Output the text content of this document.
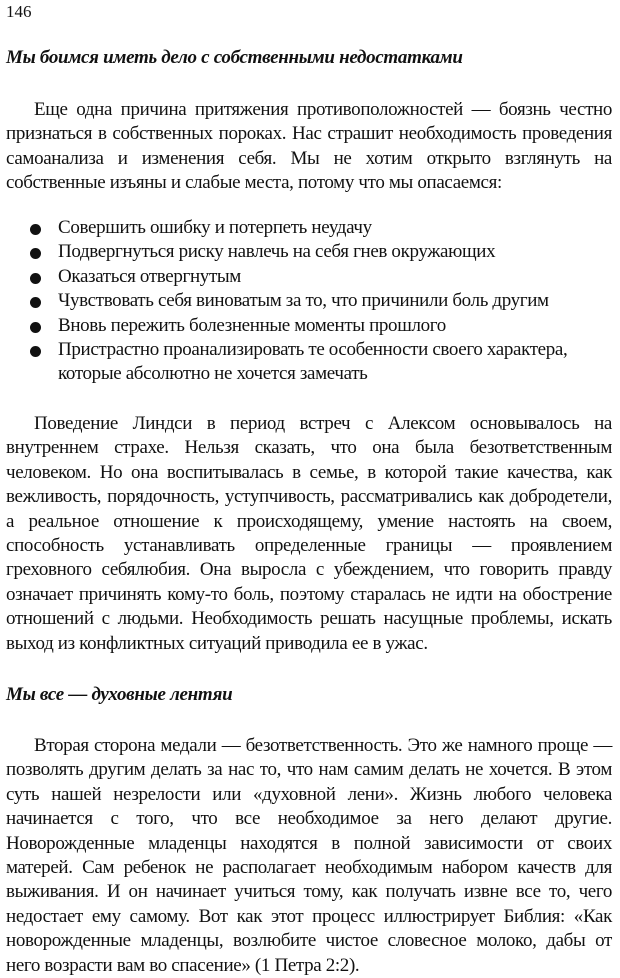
146
Мы боимся иметь дело с собственными недостатками

Еще одна причина притяжения противоположностей — боязнь честно признаться в собственных пороках. Нас страшит необходимость проведения самоанализа и изменения себя. Мы не хотим открыто взглянуть на собственные изъяны и слабые места, потому что мы опасаемся:

Совершить ошибку и потерпеть неудачу
Подвергнуться риску навлечь на себя гнев окружающих
Оказаться отвергнутым
Чувствовать себя виноватым за то, что причинили боль другим
Вновь пережить болезненные моменты прошлого
Пристрастно проанализировать те особенности своего характера, которые абсолютно не хочется замечать

Поведение Линдси в период встреч с Алексом основывалось на внутреннем страхе. Нельзя сказать, что она была безответственным человеком. Но она воспитывалась в семье, в которой такие качества, как вежливость, порядочность, уступчивость, рассматривались как добродетели, а реальное отношение к происходящему, умение настоять на своем, способность устанавливать определенные границы — проявлением греховного себялюбия. Она выросла с убеждением, что говорить правду означает причинять кому-то боль, поэтому старалась не идти на обострение отношений с людьми. Необходимость решать насущные проблемы, искать выход из конфликтных ситуаций приводила ее в ужас.

Мы все — духовные лентяи

Вторая сторона медали — безответственность. Это же намного проще — позволять другим делать за нас то, что нам самим делать не хочется. В этом суть нашей незрелости или «духовной лени». Жизнь любого человека начинается с того, что все необходимое за него делают другие. Новорожденные младенцы находятся в полной зависимости от своих матерей. Сам ребенок не располагает необходимым набором качеств для выживания. И он начинает учиться тому, как получать извне все то, чего недостает ему самому. Вот как этот процесс иллюстрирует Библия: «Как новорожденные младенцы, возлюбите чистое словесное молоко, дабы от него возрасти вам во спасение» (1 Петра 2:2).
